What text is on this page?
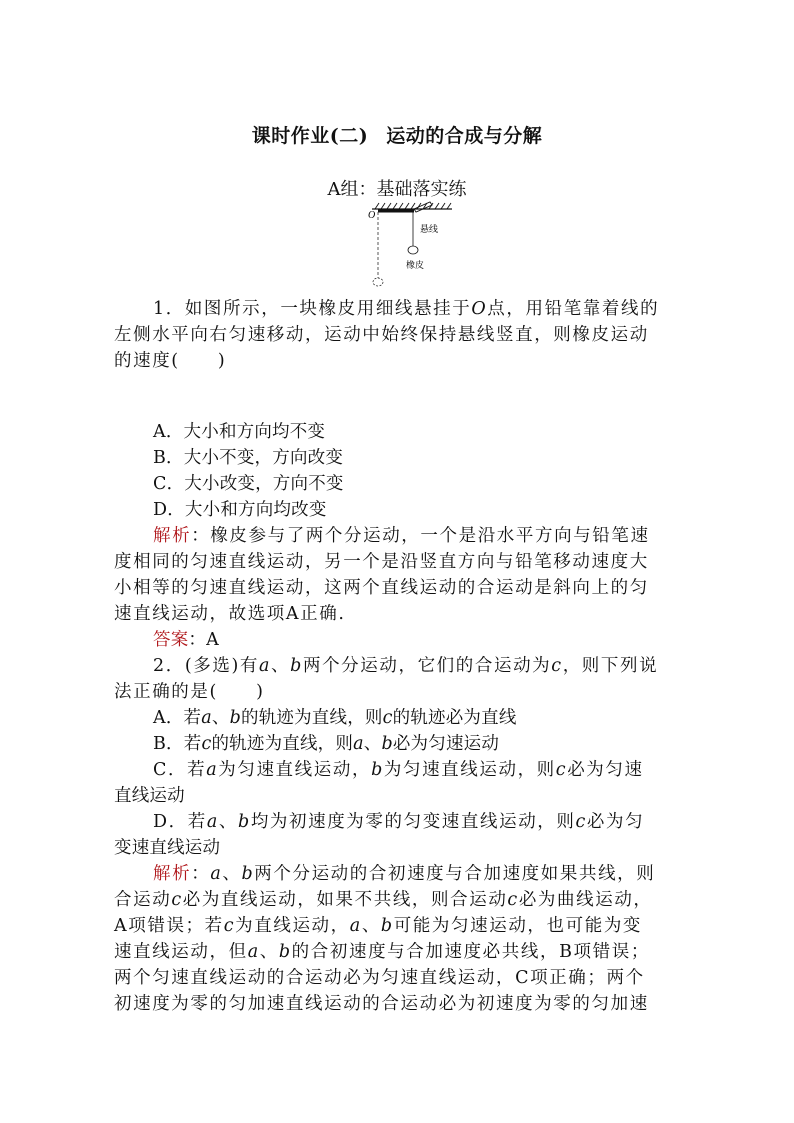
课时作业(二) 运动的合成与分解
A组：基础落实练
O
悬线
橡皮
1．如图所示，一块橡皮用细线悬挂于O点，用铅笔靠着线的
左侧水平向右匀速移动，运动中始终保持悬线竖直，则橡皮运动
的速度(　　)
A．大小和方向均不变
B．大小不变，方向改变
C．大小改变，方向不变
D．大小和方向均改变
解析：橡皮参与了两个分运动，一个是沿水平方向与铅笔速
度相同的匀速直线运动，另一个是沿竖直方向与铅笔移动速度大
小相等的匀速直线运动，这两个直线运动的合运动是斜向上的匀
速直线运动，故选项A正确.
答案：A
2．(多选)有a、b两个分运动，它们的合运动为c，则下列说
法正确的是(　　)
A．若a、b的轨迹为直线，则c的轨迹必为直线
B．若c的轨迹为直线，则a、b必为匀速运动
C．若a为匀速直线运动，b为匀速直线运动，则c必为匀速
直线运动
D．若a、b均为初速度为零的匀变速直线运动，则c必为匀
变速直线运动
解析：a、b两个分运动的合初速度与合加速度如果共线，则
合运动c必为直线运动，如果不共线，则合运动c必为曲线运动，
A项错误；若c为直线运动，a、b可能为匀速运动，也可能为变
速直线运动，但a、b的合初速度与合加速度必共线，B项错误；
两个匀速直线运动的合运动必为匀速直线运动，C项正确；两个
初速度为零的匀加速直线运动的合运动必为初速度为零的匀加速
